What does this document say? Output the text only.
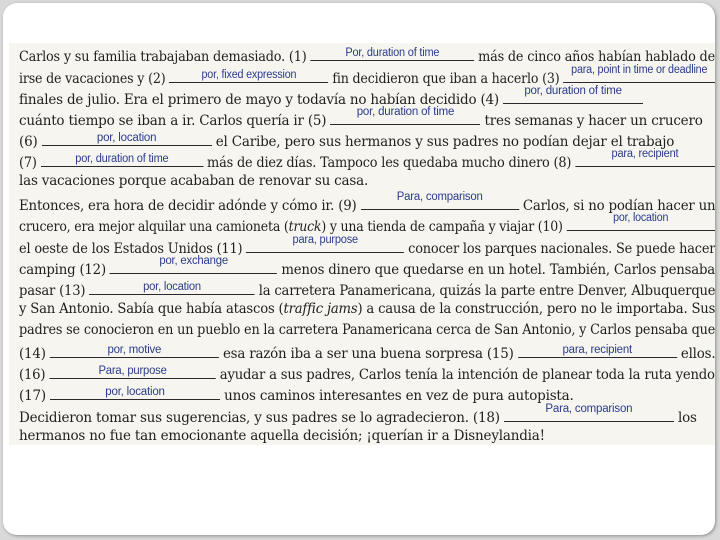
Carlos y su familia trabajaban demasiado. (1)	Por, duration of time	más de cinco años habían hablado de
irse de vacaciones y (2)	por, fixed expression	fin decidieron que iban a hacerlo (3)
para, point in time or deadline
finales de julio. Era el primero de mayo y todavía no habían decidido (4)
por, duration of time
cuánto tiempo se iban a ir. Carlos quería ir (5)
por, duration of time
tres semanas y hacer un crucero
(6)	por, location	el Caribe, pero sus hermanos y sus padres no podían dejar el trabajo
(7)	por, duration of time	más de diez días. Tampoco les quedaba mucho dinero (8)
para, recipient
las vacaciones porque acababan de renovar su casa.
Entonces, era hora de decidir adónde y cómo ir. (9)
Para, comparison
Carlos, si no podían hacer un
crucero, era mejor alquilar una camioneta (truck) y una tienda de campaña y viajar (10)
por, location
el oeste de los Estados Unidos (11)
para, purpose
conocer los parques nacionales. Se puede hacer
camping (12)
por, exchange
menos dinero que quedarse en un hotel. También, Carlos pensaba
pasar (13)	por, location	la carretera Panamericana, quizás la parte entre Denver, Albuquerque
y San Antonio. Sabía que había atascos (traffic jams) a causa de la construcción, pero no le importaba. Sus
padres se conocieron en un pueblo en la carretera Panamericana cerca de San Antonio, y Carlos pensaba que
(14)	por, motive	esa razón iba a ser una buena sorpresa (15)	para, recipient	ellos.
(16)	Para, purpose	ayudar a sus padres, Carlos tenía la intención de planear toda la ruta yendo
(17)	por, location	unos caminos interesantes en vez de pura autopista.
Decidieron tomar sus sugerencias, y sus padres se lo agradecieron. (18)
Para, comparison
los
hermanos no fue tan emocionante aquella decisión; ¡querían ir a Disneylandia!
